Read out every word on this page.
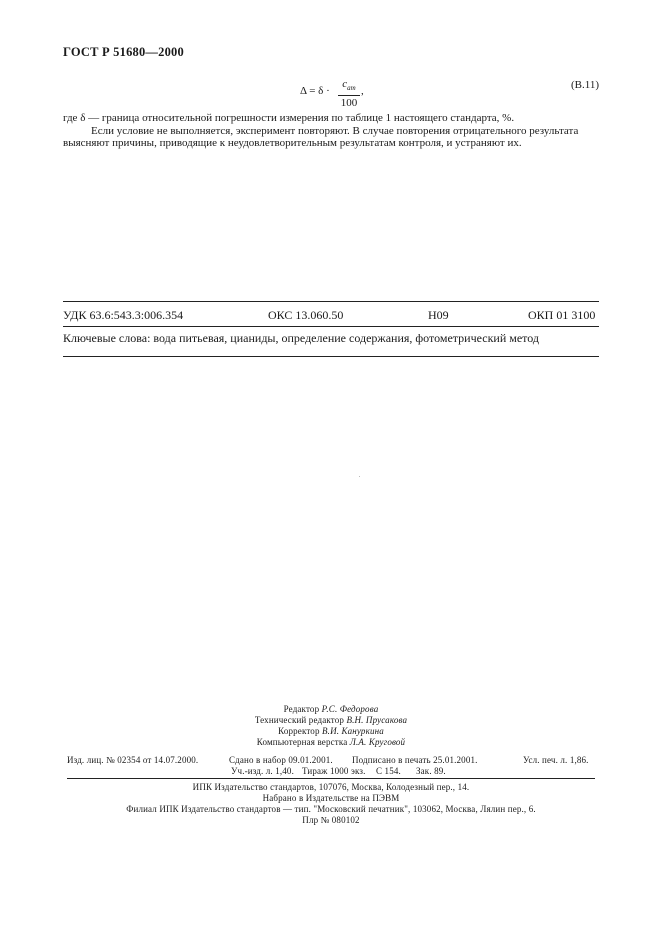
ГОСТ Р 51680—2000
Δ = δ ·
$c_{ат}$
100
,	(В.11)
где δ — граница относительной погрешности измерения по таблице 1 настоящего стандарта, %.
Если условие не выполняется, эксперимент повторяют. В случае повторения отрицательного результата
выясняют причины, приводящие к неудовлетворительным результатам контроля, и устраняют их.
УДК 63.6:543.3:006.354	ОКС 13.060.50	Н09	ОКП 01 3100
Ключевые слова: вода питьевая, цианиды, определение содержания, фотометрический метод
Редактор Р.С. Федорова
Технический редактор В.Н. Прусакова
Корректор В.И. Кануркина
Компьютерная верстка Л.А. Круговой
Изд. лиц. № 02354 от 14.07.2000.	Сдано в набор 09.01.2001. Подписано в печать 25.01.2001.	Усл. печ. л. 1,86.
Уч.-изд. л. 1,40. Тираж 1000 экз. С 154. Зак. 89.
ИПК Издательство стандартов, 107076, Москва, Колодезный пер., 14.
Набрано в Издательстве на ПЭВМ
Филиал ИПК Издательство стандартов — тип. "Московский печатник", 103062, Москва, Лялин пер., 6.
Плр № 080102
